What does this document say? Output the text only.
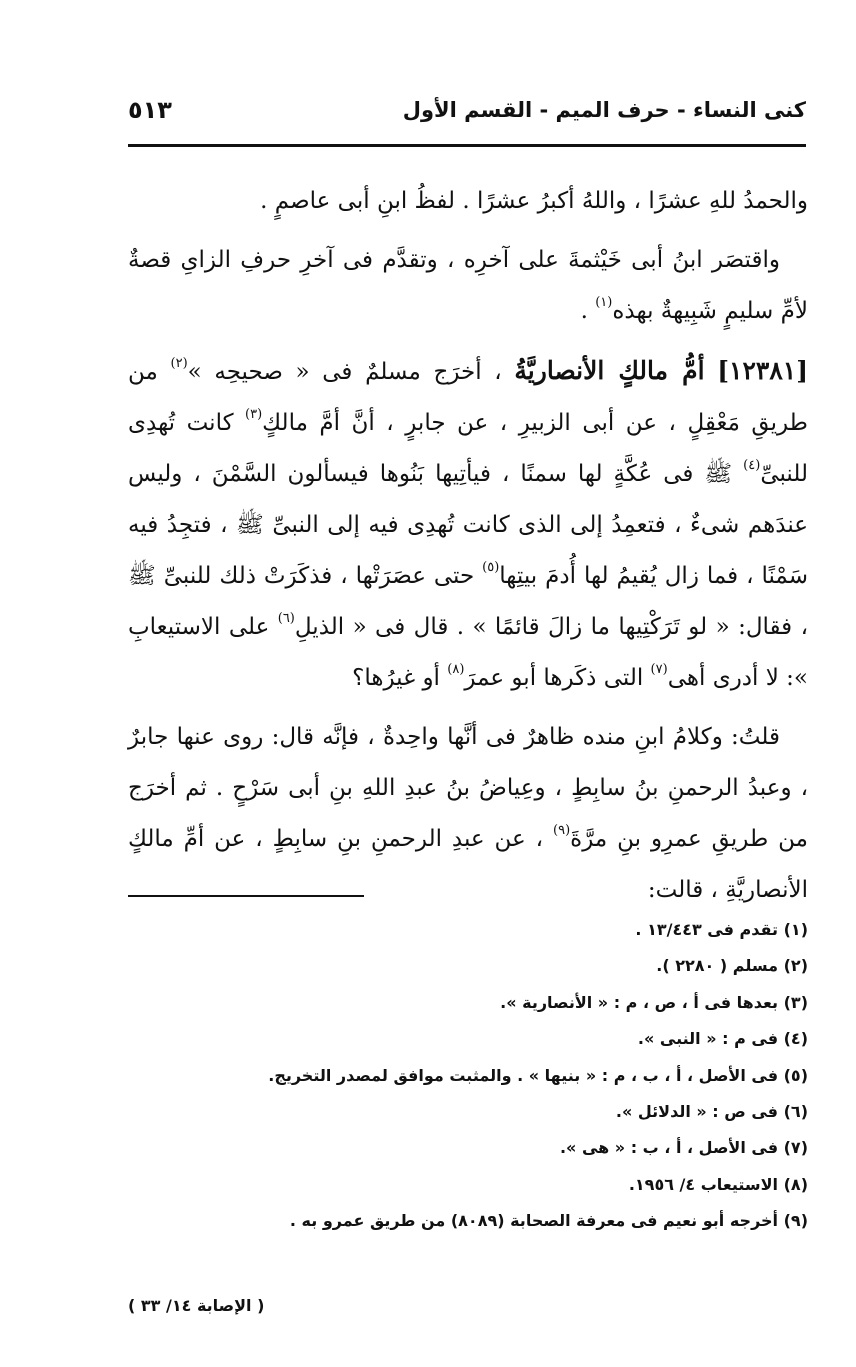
كنى النساء - حرف الميم - القسم الأول
٥١٣

والحمدُ للهِ عشرًا ، واللهُ أكبرُ عشرًا . لفظُ ابنِ أبى عاصمٍ .

واقتصَر ابنُ أبى خَيْثمةَ على آخرِه ، وتقدَّم فى آخرِ حرفِ الزاىِ قصةٌ لأمِّ سليمٍ شَبِيهةٌ بهذه$^{(١)}$ .

[١٢٣٨١] أمُّ مالكٍ الأنصاريَّةُ ، أخرَج مسلمٌ فى « صحيحِه »$^{(٢)}$ من طريقِ مَعْقِلٍ ، عن أبى الزبيرِ ، عن جابرٍ ، أنَّ أمَّ مالكٍ$^{(٣)}$ كانت تُهدِى للنبىِّ$^{(٤)}$ ﷺ فى عُكَّةٍ لها سمنًا ، فيأتِيها بَنُوها فيسألون السَّمْنَ ، وليس عندَهم شىءٌ ، فتعمِدُ إلى الذى كانت تُهدِى فيه إلى النبىِّ ﷺ ، فتجِدُ فيه سَمْنًا ، فما زال يُقيمُ لها أُدمَ بيتِها$^{(٥)}$ حتى عصَرَتْها ، فذكَرَتْ ذلك للنبىِّ ﷺ ، فقال: « لو تَرَكْتِيها ما زالَ قائمًا » . قال فى « الذيلِ$^{(٦)}$ على الاستيعابِ »: لا أدرى أهى$^{(٧)}$ التى ذكَرها أبو عمرَ$^{(٨)}$ أو غيرُها؟

قلتُ: وكلامُ ابنِ منده ظاهرٌ فى أنَّها واحِدةٌ ، فإنَّه قال: روى عنها جابرٌ ، وعبدُ الرحمنِ بنُ سابِطٍ ، وعِياضُ بنُ عبدِ اللهِ بنِ أبى سَرْحٍ . ثم أخرَج من طريقِ عمرِو بنِ مرَّةَ$^{(٩)}$ ، عن عبدِ الرحمنِ بنِ سابِطٍ ، عن أمِّ مالكٍ الأنصاريَّةِ ، قالت:

(١) تقدم فى ١٣/٤٤٣ .
(٢) مسلم ( ٢٢٨٠ ).
(٣) بعدها فى أ ، ص ، م : « الأنصارية ».
(٤) فى م : « النبى ».
(٥) فى الأصل ، أ ، ب ، م : « بنيها » . والمثبت موافق لمصدر التخريج.
(٦) فى ص : « الدلائل ».
(٧) فى الأصل ، أ ، ب : « هى ».
(٨) الاستيعاب ٤/ ١٩٥٦.
(٩) أخرجه أبو نعيم فى معرفة الصحابة (٨٠٨٩) من طريق عمرو به .
( الإصابة ١٤/ ٣٣ )
